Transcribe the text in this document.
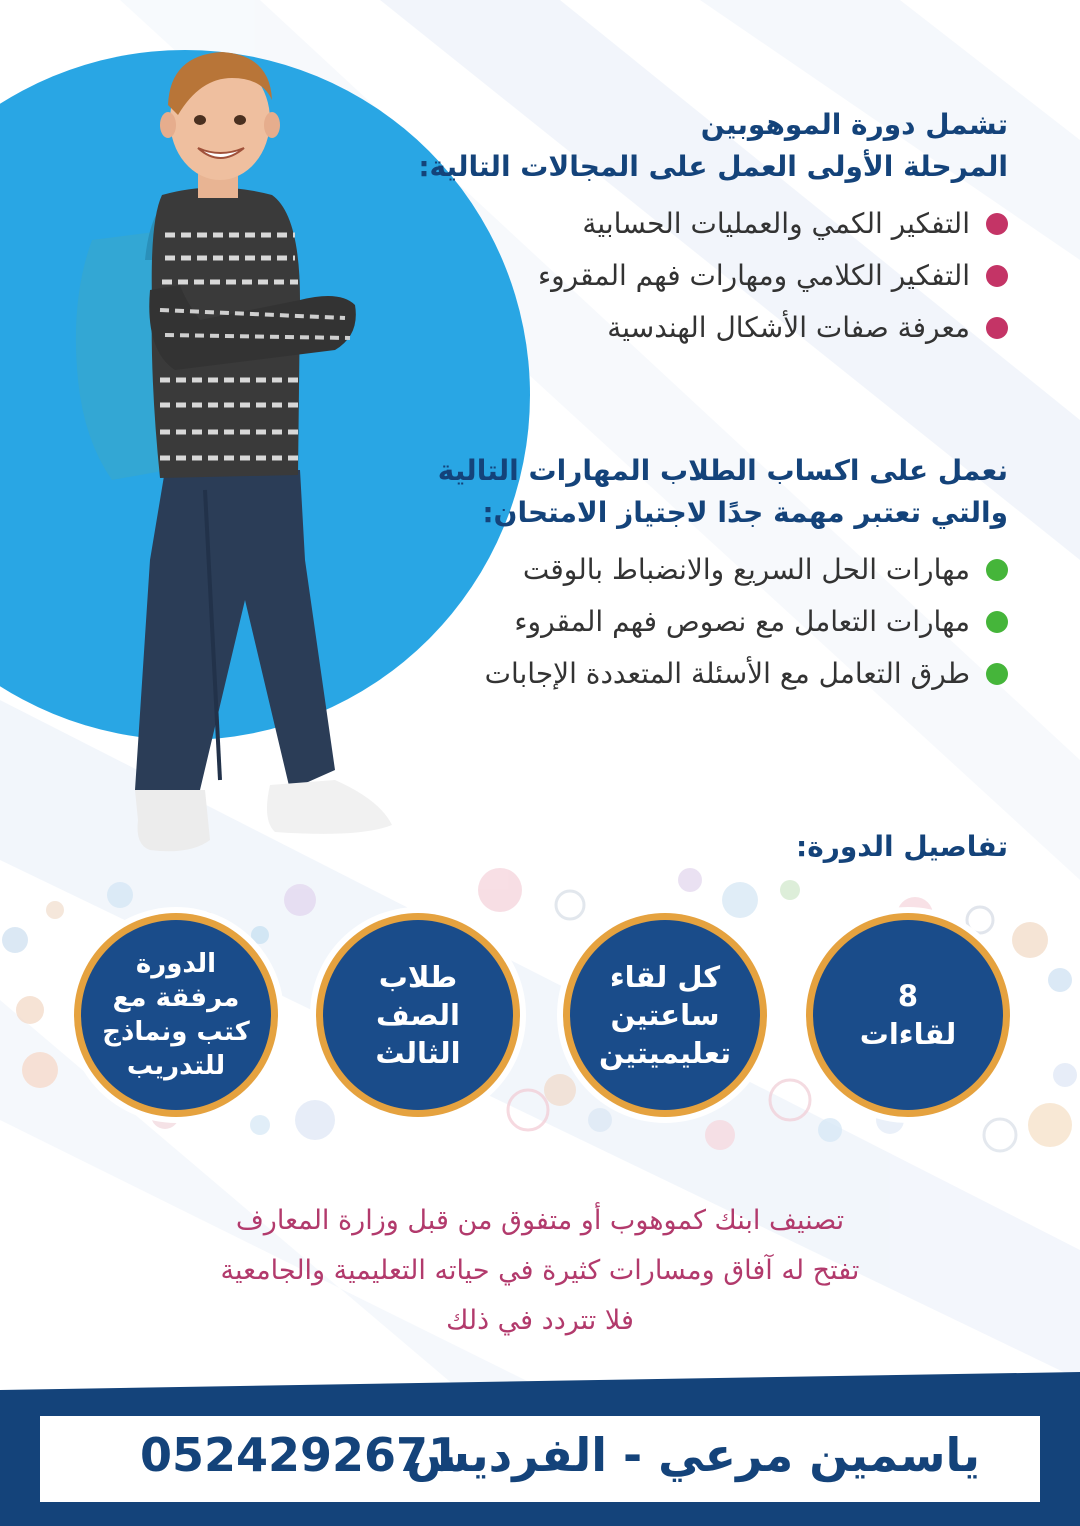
تشمل دورة الموهوبين
المرحلة الأولى العمل على المجالات التالية:
التفكير الكمي والعمليات الحسابية
التفكير الكلامي ومهارات فهم المقروء
معرفة صفات الأشكال الهندسية
نعمل على اكساب الطلاب المهارات التالية
والتي تعتبر مهمة جدًا لاجتياز الامتحان:
مهارات الحل السريع والانضباط بالوقت
مهارات التعامل مع نصوص فهم المقروء
طرق التعامل مع الأسئلة المتعددة الإجابات
تفاصيل الدورة:
8
لقاءات
كل لقاء
ساعتين
تعليميتين
طلاب
الصف
الثالث
الدورة
مرفقة مع
كتب ونماذج
للتدريب
تصنيف ابنك كموهوب أو متفوق من قبل وزارة المعارف
تفتح له آفاق ومسارات كثيرة في حياته التعليمية والجامعية
فلا تتردد في ذلك
ياسمين مرعي - الفرديس
0524292671
